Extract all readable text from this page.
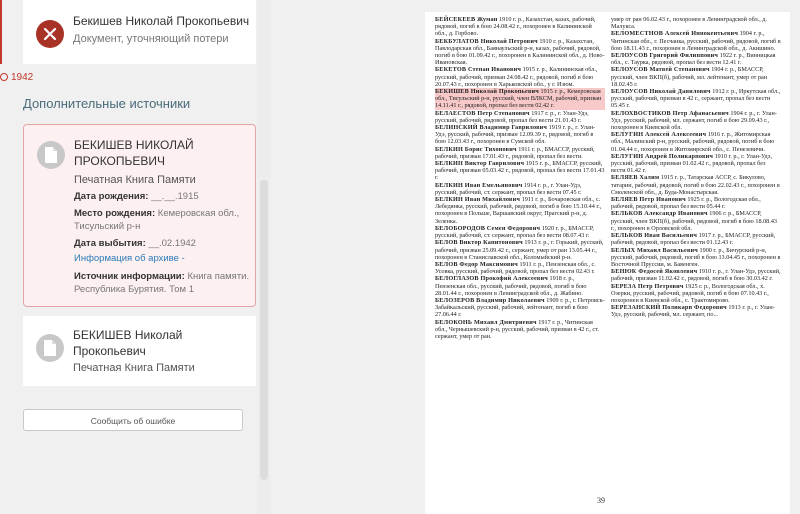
Бекишев Николай Прокопьевич
Документ, уточняющий потери
1942
Дополнительные источники
БЕКИШЕВ НИКОЛАЙ
ПРОКОПЬЕВИЧ
Печатная Книга Памяти
Дата рождения: __.__.1915
Место рождения: Кемеровская обл., Тисульский р-н
Дата выбытия: __.02.1942
Информация об архиве -
Источник информации: Книга памяти. Республика Бурятия. Том 1
БЕКИШЕВ Николай
Прокопьевич
Печатная Книга Памяти
Сообщить об ошибке
БЕЙСЕКЕЕВ Жуман 1910 г. р., Казахстан, казах, рабочий, рядовой, погиб в бою 24.08.42 г., похоронен в Калининской обл., д. Горбово.
БЕКБУЛАТОВ Николай Петрович 1910 г. р., Казахстан, Павлодарская обл., Баянаульский р-н, казах, рабочий, рядовой, погиб в бою 01.09.42 г., похоронен в Калининской обл., д. Ново-Ивановская.
БЕКЕТОВ Степан Иванович 1915 г. р., Калининская обл., русский, рабочий, призван 24.08.42 г., рядовой, погиб в бою 20.07.43 г., похоронен в Харьковской обл., у г. Изюм.
БЕКИШЕВ Николай Прокопьевич 1915 г. р., Кемеровская обл., Тисульский р-н, русский, член ВЛКСМ, рабочий, призван 14.11.41 г., рядовой, пропал без вести 02.42 г.
БЕЛАЕСТОВ Петр Степанович 1917 г. р., г. Улан-Удэ, русский, рабочий, рядовой, пропал без вести 21.01.43 г.
БЕЛИНСКИЙ Владимир Гаврилович 1919 г. р., г. Улан-Удэ, русский, рабочий, призван 12.09.39 г., рядовой, погиб в бою 12.03.43 г., похоронен в Сумской обл.
БЕЛКИН Борис Тихонович 1911 г. р., БМАССР, русский, рабочий, призван 17.01.43 г., рядовой, пропал без вести.
БЕЛКИН Виктор Гаврилович 1915 г. р., БМАССР, русский, рабочий, призван 05.03.42 г., рядовой, пропал без вести 17.01.43 г.
БЕЛКИН Иван Емельянович 1914 г. р., г. Улан-Удэ, русский, рабочий, ст. сержант, пропал без вести 07.45 г.
БЕЛКИН Иван Михайлович 1911 г. р., Бочаровская обл., с. Лебедянка, русский, рабочий, рядовой, погиб в бою 15.10.44 г., похоронен в Польше, Варшавский округ, Прагский р-н, д. Зеленка.
БЕЛОБОРОДОВ Семен Федорович 1920 г. р., БМАССР, русский, рабочий, ст. сержант, пропал без вести 08.07.43 г.
БЕЛОВ Виктор Капитонович 1913 г. р., г. Горький, русский, рабочий, призван 25.09.42 г., сержант, умер от ран 13.05.44 г., похоронен в Станиславской обл., Коломыйский р-н.
БЕЛОВ Федор Максимович 1911 г. р., Пензенская обл., с. Усовка, русский, рабочий, рядовой, пропал без вести 02.43 г.
БЕЛОГЛАЗОВ Прокофий Алексеевич 1918 г. р., Пензенская обл., русский, рабочий, рядовой, погиб в бою 28.01.44 г., похоронен в Ленинградской обл., д. Жабино.
БЕЛОЗЕРОВ Владимир Николаевич 1909 г. р., г. Петровск-Забайкальский, русский, рабочий, лейтенант, погиб в бою 27.06.44 г.
БЕЛОКОНЬ Михаил Дмитриевич 1917 г. р., Читинская обл., Чернышевский р-н, русский, рабочий, призван в 42 г., ст. сержант, умер от ран.
умер от ран 06.02.43 г., похоронен в Ленинградской обл., д. Малукса.
БЕЛОМЕСТНОВ Алексей Иннокентьевич 1904 г. р., Читинская обл., г. Песчанка, русский, рабочий, рядовой, погиб в бою 18.11.43 г., похоронен в Ленинградской обл., д. Акишино.
БЕЛОУСОВ Григорий Филиппович 1922 г. р., Винницкая обл., с. Таурка, рядовой, пропал без вести 12.41 г.
БЕЛОУСОВ Матвей Степанович 1904 г. р., БМАССР, русский, член ВКП(б), рабочий, мл. лейтенант, умер от ран 18.02.45 г.
БЕЛОУСОВ Николай Данилович 1912 г. р., Иркутская обл., русский, рабочий, призван в 42 г., сержант, пропал без вести 05.45 г.
БЕЛОХВОСТИКОВ Петр Афанасьевич 1904 г. р., г. Улан-Удэ, русский, рабочий, мл. сержант, погиб в бою 29.09.43 г., похоронен в Киевской обл.
БЕЛУГИН Алексей Алексеевич 1916 г. р., Житомирская обл., Малинский р-н, русский, рабочий, рядовой, погиб в бою 01.04.44 г., похоронен в Житомирской обл., с. Пенезевичи.
БЕЛУГИН Андрей Поликарпович 1910 г. р., г. Улан-Удэ, русский, рабочий, призван 01.02.42 г., рядовой, пропал без вести 01.42 г.
БЕЛЯЕВ Халим 1915 г. р., Татарская АССР, с. Бикулово, татарин, рабочий, рядовой, погиб в бою 22.02.43 г., похоронен в Смоленской обл., д. Буда-Монастырская.
БЕЛЯЕВ Петр Иванович 1925 г. р., Вологодская обл., рабочий, рядовой, пропал без вести 05.44 г.
БЕЛЬКОВ Александр Иванович 1906 г. р., БМАССР, русский, член ВКП(б), рабочий, рядовой, погиб в бою 18.08.43 г., похоронен в Орловской обл.
БЕЛЬКОВ Иван Васильевич 1917 г. р., БМАССР, русский, рабочий, рядовой, пропал без вести 01.12.43 г.
БЕЛЫХ Михаил Васильевич 1900 г. р., Бичурский р-н, русский, рабочий, рядовой, погиб в бою 13.04.45 г., похоронен в Восточной Пруссии, м. Бавенген.
БЕНЮК Федосей Яковлевич 1910 г. р., г. Улан-Удэ, русский, рабочий, призван 11.02.42 г., рядовой, погиб в бою 30.03.42 г.
БЕРЕЗА Петр Петрович 1925 г. р., Вологодская обл., х. Озерки, русский, рабочий, рядовой, погиб в бою 07.10.43 г., похоронен в Киевской обл., с. Трактомирово.
БЕРЕЗАНСКИЙ Поликарп Федорович 1913 г. р., г. Улан-Удэ, русский, рабочий, мл. сержант, по...
39
